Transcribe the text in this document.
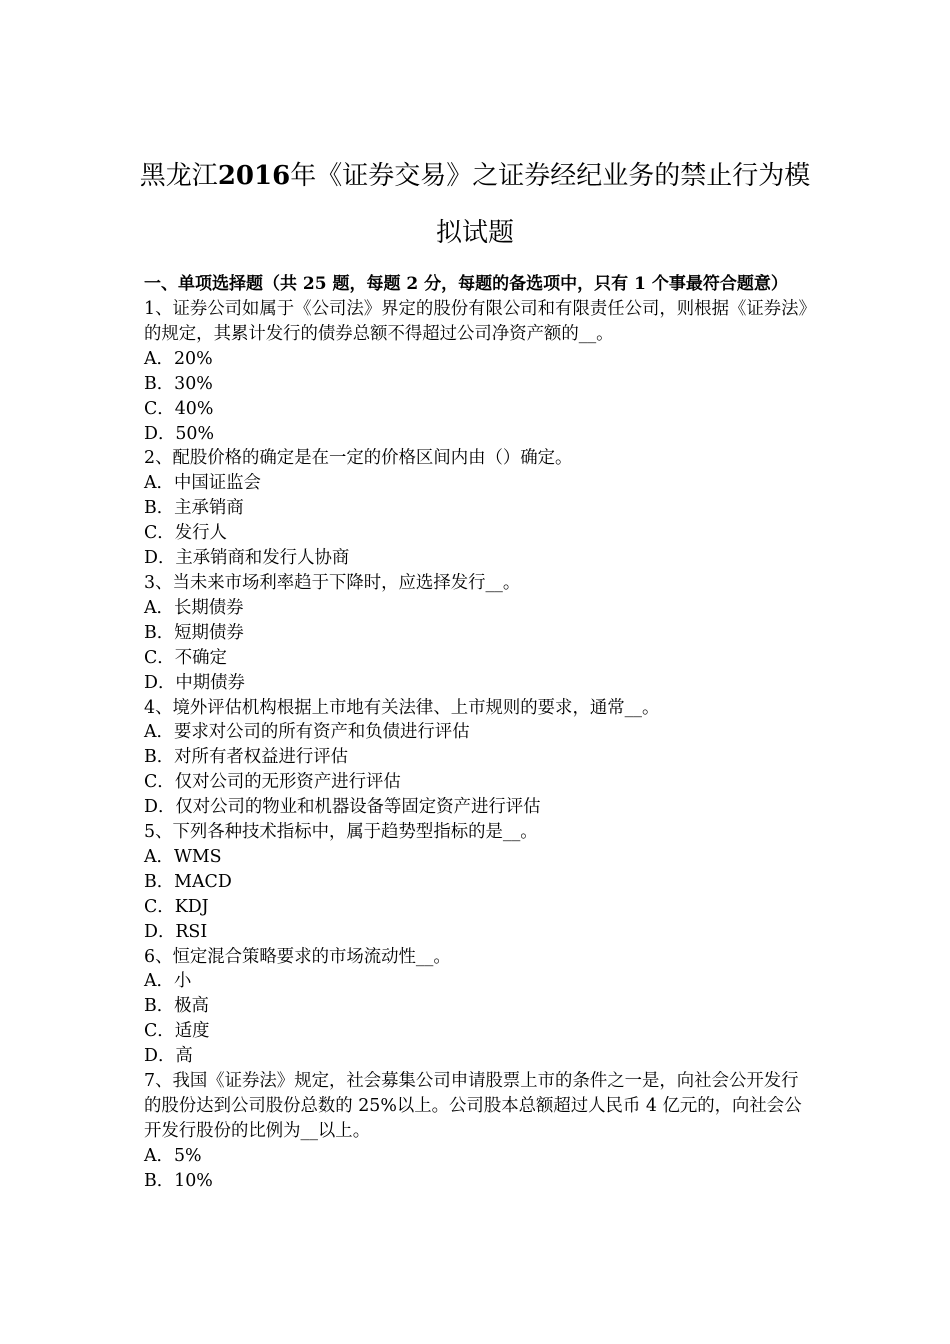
黑龙江2016年《证券交易》之证券经纪业务的禁止行为模
拟试题

一、单项选择题（共 25 题，每题 2 分，每题的备选项中，只有 1 个事最符合题意）

1、证券公司如属于《公司法》界定的股份有限公司和有限责任公司，则根据《证券法》的规定，其累计发行的债券总额不得超过公司净资产额的__。

A．20%

B．30%

C．40%

D．50%

2、配股价格的确定是在一定的价格区间内由（）确定。

A．中国证监会

B．主承销商

C．发行人

D．主承销商和发行人协商

3、当未来市场利率趋于下降时，应选择发行__。

A．长期债券

B．短期债券

C．不确定

D．中期债券

4、境外评估机构根据上市地有关法律、上市规则的要求，通常__。

A．要求对公司的所有资产和负债进行评估

B．对所有者权益进行评估

C．仅对公司的无形资产进行评估

D．仅对公司的物业和机器设备等固定资产进行评估

5、下列各种技术指标中，属于趋势型指标的是__。

A．WMS

B．MACD

C．KDJ

D．RSI

6、恒定混合策略要求的市场流动性__。

A．小

B．极高

C．适度

D．高

7、我国《证券法》规定，社会募集公司申请股票上市的条件之一是，向社会公开发行的股份达到公司股份总数的 25%以上。公司股本总额超过人民币 4 亿元的，向社会公开发行股份的比例为__以上。

A．5%

B．10%
